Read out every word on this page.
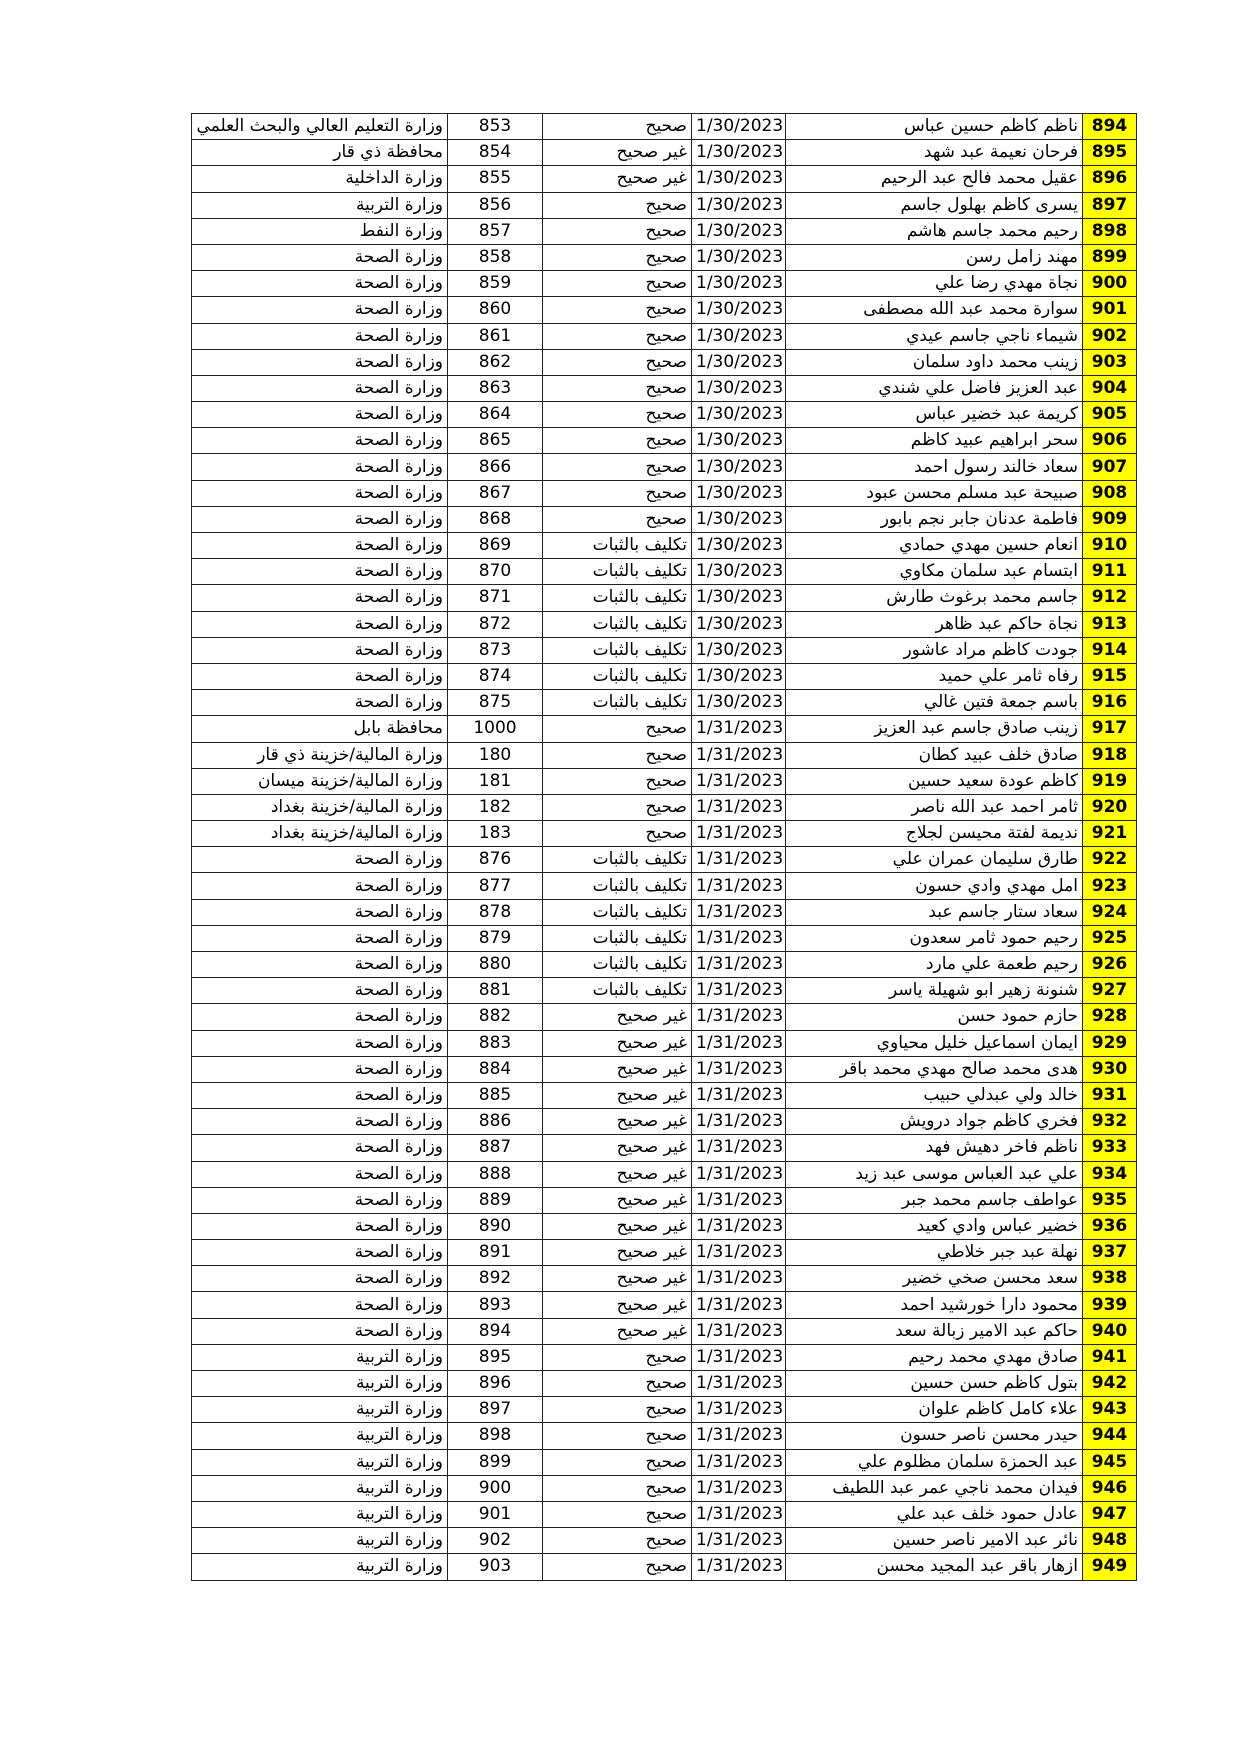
وزارة التعليم العالي والبحث العلمي	853	صحيح	1/30/2023	ناظم كاظم حسين عباس	894
محافظة ذي قار	854	غير صحيح	1/30/2023	فرحان نعيمة عبد شهد	895
وزارة الداخلية	855	غير صحيح	1/30/2023	عقيل محمد فالح عبد الرحيم	896
وزارة التربية	856	صحيح	1/30/2023	يسرى كاظم بهلول جاسم	897
وزارة النفط	857	صحيح	1/30/2023	رحيم محمد جاسم هاشم	898
وزارة الصحة	858	صحيح	1/30/2023	مهند زامل رسن	899
وزارة الصحة	859	صحيح	1/30/2023	نجاة مهدي رضا علي	900
وزارة الصحة	860	صحيح	1/30/2023	سوارة محمد عبد الله مصطفى	901
وزارة الصحة	861	صحيح	1/30/2023	شيماء ناجي جاسم عيدي	902
وزارة الصحة	862	صحيح	1/30/2023	زينب محمد داود سلمان	903
وزارة الصحة	863	صحيح	1/30/2023	عبد العزيز فاضل علي شندي	904
وزارة الصحة	864	صحيح	1/30/2023	كريمة عبد خضير عباس	905
وزارة الصحة	865	صحيح	1/30/2023	سحر ابراهيم عبيد كاظم	906
وزارة الصحة	866	صحيح	1/30/2023	سعاد خالند رسول احمد	907
وزارة الصحة	867	صحيح	1/30/2023	صبيحة عبد مسلم محسن عبود	908
وزارة الصحة	868	صحيح	1/30/2023	فاطمة عدنان جابر نجم بابور	909
وزارة الصحة	869	تكليف بالثبات	1/30/2023	انعام حسين مهدي حمادي	910
وزارة الصحة	870	تكليف بالثبات	1/30/2023	ابتسام عبد سلمان مكاوي	911
وزارة الصحة	871	تكليف بالثبات	1/30/2023	جاسم محمد برغوث طارش	912
وزارة الصحة	872	تكليف بالثبات	1/30/2023	نجاة حاكم عبد ظاهر	913
وزارة الصحة	873	تكليف بالثبات	1/30/2023	جودت كاظم مراد عاشور	914
وزارة الصحة	874	تكليف بالثبات	1/30/2023	رفاه ثامر علي حميد	915
وزارة الصحة	875	تكليف بالثبات	1/30/2023	باسم جمعة فتين غالي	916
محافظة بابل	1000	صحيح	1/31/2023	زينب صادق جاسم عبد العزيز	917
وزارة المالية/خزينة ذي قار	180	صحيح	1/31/2023	صادق خلف عبيد كطان	918
وزارة المالية/خزينة ميسان	181	صحيح	1/31/2023	كاظم عودة سعيد حسين	919
وزارة المالية/خزينة بغداد	182	صحيح	1/31/2023	ثامر احمد عبد الله ناصر	920
وزارة المالية/خزينة بغداد	183	صحيح	1/31/2023	نديمة لفتة محيسن لجلاج	921
وزارة الصحة	876	تكليف بالثبات	1/31/2023	طارق سليمان عمران علي	922
وزارة الصحة	877	تكليف بالثبات	1/31/2023	امل مهدي وادي حسون	923
وزارة الصحة	878	تكليف بالثبات	1/31/2023	سعاد ستار جاسم عبد	924
وزارة الصحة	879	تكليف بالثبات	1/31/2023	رحيم حمود ثامر سعدون	925
وزارة الصحة	880	تكليف بالثبات	1/31/2023	رحيم طعمة علي مارد	926
وزارة الصحة	881	تكليف بالثبات	1/31/2023	شنونة زهير ابو شهيلة ياسر	927
وزارة الصحة	882	غير صحيح	1/31/2023	حازم حمود حسن	928
وزارة الصحة	883	غير صحيح	1/31/2023	ايمان اسماعيل خليل محياوي	929
وزارة الصحة	884	غير صحيح	1/31/2023	هدى محمد صالح مهدي محمد باقر	930
وزارة الصحة	885	غير صحيح	1/31/2023	خالد ولي عبدلي حبيب	931
وزارة الصحة	886	غير صحيح	1/31/2023	فخري كاظم جواد درويش	932
وزارة الصحة	887	غير صحيح	1/31/2023	ناظم فاخر دهيش فهد	933
وزارة الصحة	888	غير صحيح	1/31/2023	علي عبد العباس موسى عبد زيد	934
وزارة الصحة	889	غير صحيح	1/31/2023	عواطف جاسم محمد جبر	935
وزارة الصحة	890	غير صحيح	1/31/2023	خضير عباس وادي كعيد	936
وزارة الصحة	891	غير صحيح	1/31/2023	نهلة عبد جبر خلاطي	937
وزارة الصحة	892	غير صحيح	1/31/2023	سعد محسن صخي خضير	938
وزارة الصحة	893	غير صحيح	1/31/2023	محمود دارا خورشيد احمد	939
وزارة الصحة	894	غير صحيح	1/31/2023	حاكم عبد الامير زبالة سعد	940
وزارة التربية	895	صحيح	1/31/2023	صادق مهدي محمد رحيم	941
وزارة التربية	896	صحيح	1/31/2023	بتول كاظم حسن حسين	942
وزارة التربية	897	صحيح	1/31/2023	علاء كامل كاظم علوان	943
وزارة التربية	898	صحيح	1/31/2023	حيدر محسن ناصر حسون	944
وزارة التربية	899	صحيح	1/31/2023	عبد الحمزة سلمان مظلوم علي	945
وزارة التربية	900	صحيح	1/31/2023	فيدان محمد ناجي عمر عبد اللطيف	946
وزارة التربية	901	صحيح	1/31/2023	عادل حمود خلف عبد علي	947
وزارة التربية	902	صحيح	1/31/2023	نائر عبد الامير ناصر حسين	948
وزارة التربية	903	صحيح	1/31/2023	ازهار باقر عبد المجيد محسن	949
